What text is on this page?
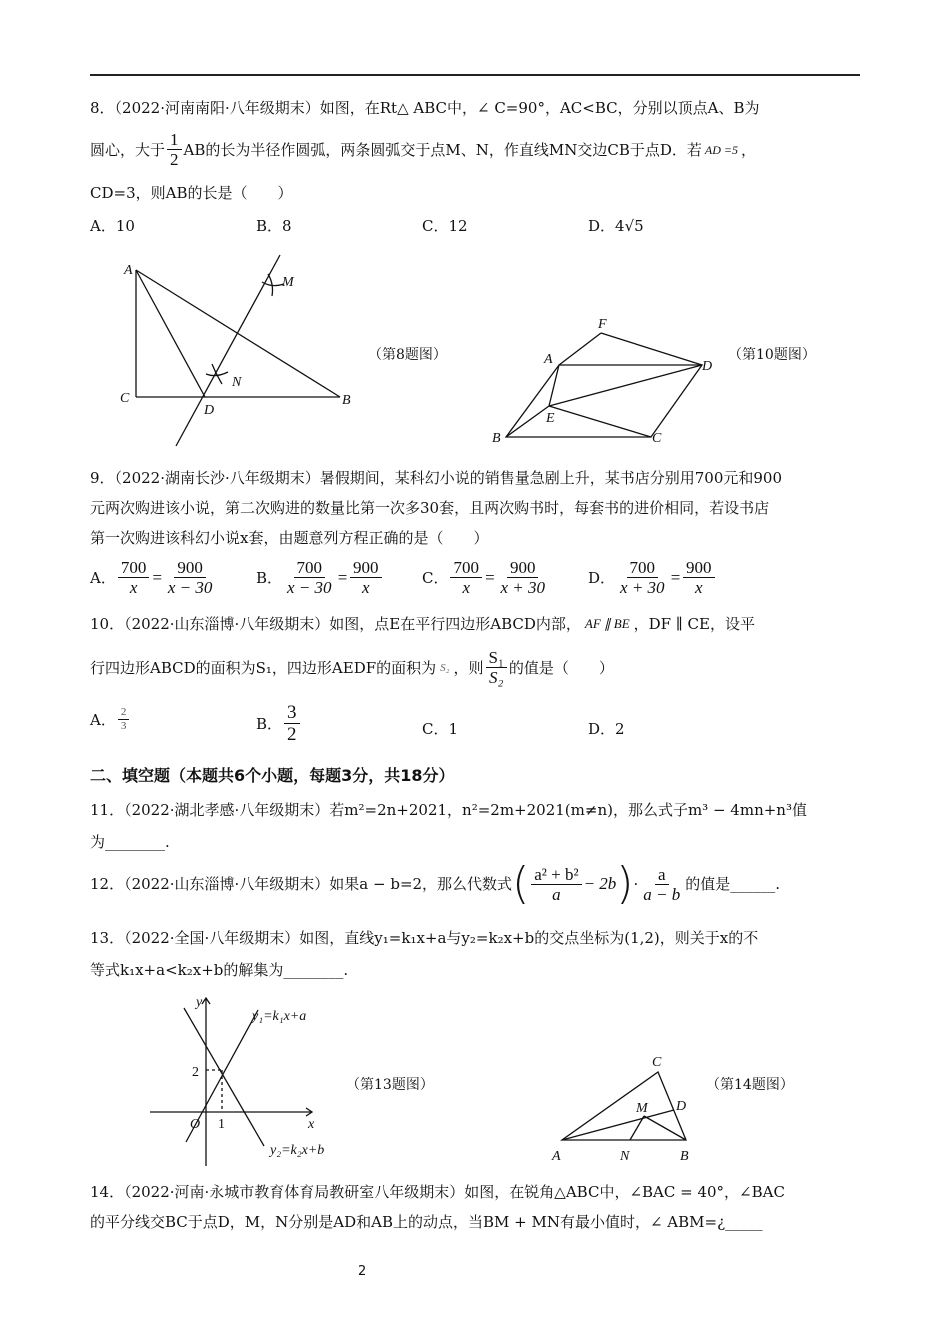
8．（2022·河南南阳·八年级期末）如图，在Rt△ ABC中，∠ C=90°，AC<BC，分别以顶点A、B为
圆心，大于 $\frac{1}{2}$ AB的长为半径作圆弧，两条圆弧交于点M、N，作直线MN交边CB于点D．若 AD =5 ，
CD=3，则AB的长是（　　）
A．10	B．8	C．12	D．4√5
A
M
N
C
D
B
（第8题图）
F
A	D
E
B	C
（第10题图）
9．（2022·湖南长沙·八年级期末）暑假期间，某科幻小说的销售量急剧上升，某书店分别用700元和900
元两次购进该小说，第二次购进的数量比第一次多30套，且两次购书时，每套书的进价相同，若设书店
第一次购进该科幻小说x套，由题意列方程正确的是（　　）
A． $\frac{700}{x} = \frac{900}{x - 30}$	B． $\frac{700}{x - 30} = \frac{900}{x}$	C． $\frac{700}{x} = \frac{900}{x + 30}$	D． $\frac{700}{x + 30} = \frac{900}{x}$
10．（2022·山东淄博·八年级期末）如图，点E在平行四边形ABCD内部， AF ∥ BE ，DF ∥ CE，设平
行四边形ABCD的面积为S₁，四边形AEDF的面积为 S₂ ，则 $\frac{\text{S₁}}{\text{S₂}}$ 的值是（　　）
A． $\frac{2}{3}$	B． $\frac{3}{2}$	C．1	D．2
二、填空题（本题共6个小题，每题3分，共18分）
11．（2022·湖北孝感·八年级期末）若m²=2n+2021，n²=2m+2021(m≠n)，那么式子m³ − 4mn+n³值
为________.
12．（2022·山东淄博·八年级期末）如果a − b=2，那么代数式 ( $\frac{\text{a² + b²}}{a} - 2b$ ) · $\frac{a}{a - b}$ 的值是______.
13．（2022·全国·八年级期末）如图，直线y₁=k₁x+a与y₂=k₂x+b的交点坐标为(1,2)，则关于x的不
等式k₁x+a<k₂x+b的解集为________.
y
y₁=k₁x+a
2
O 1	x
y₂=k₂x+b
（第13题图）
C
M D
A	N	B
（第14题图）
14．（2022·河南·永城市教育体育局教研室八年级期末）如图，在锐角△ABC中，∠BAC = 40°，∠BAC
的平分线交BC于点D，M，N分别是AD和AB上的动点，当BM + MN有最小值时，∠ ABM=¿_____
2
